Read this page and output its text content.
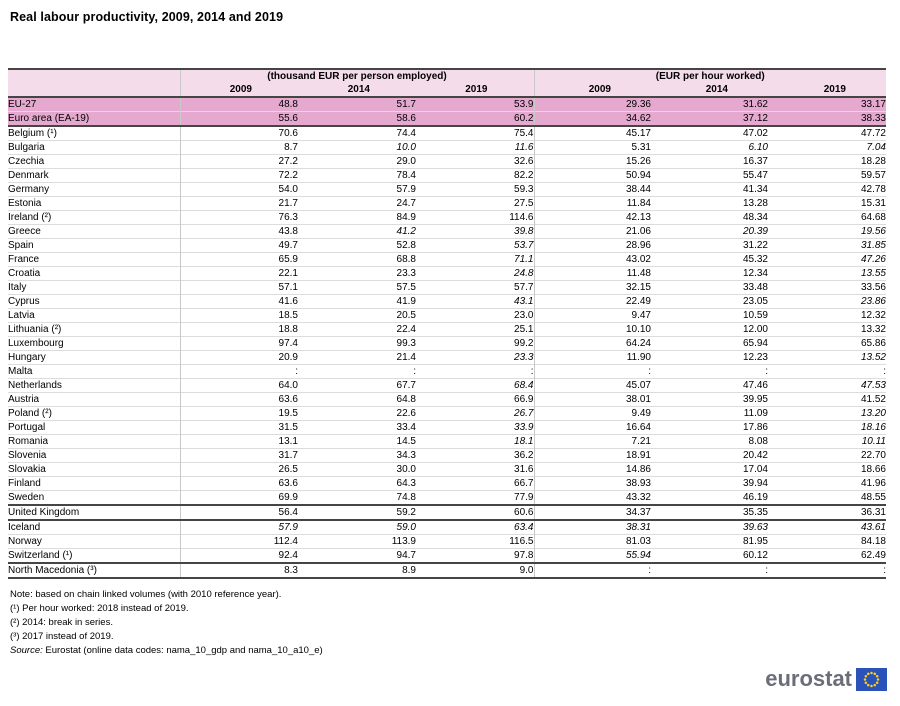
Real labour productivity, 2009, 2014 and 2019
	(thousand EUR per person employed)			(EUR per hour worked)		
	2009	2014	2019	2009	2014	2019
EU-27	48.8	51.7	53.9	29.36	31.62	33.17
Euro area (EA-19)	55.6	58.6	60.2	34.62	37.12	38.33
Belgium (¹)	70.6	74.4	75.4	45.17	47.02	47.72
Bulgaria	8.7	10.0	11.6	5.31	6.10	7.04
Czechia	27.2	29.0	32.6	15.26	16.37	18.28
Denmark	72.2	78.4	82.2	50.94	55.47	59.57
Germany	54.0	57.9	59.3	38.44	41.34	42.78
Estonia	21.7	24.7	27.5	11.84	13.28	15.31
Ireland (²)	76.3	84.9	114.6	42.13	48.34	64.68
Greece	43.8	41.2	39.8	21.06	20.39	19.56
Spain	49.7	52.8	53.7	28.96	31.22	31.85
France	65.9	68.8	71.1	43.02	45.32	47.26
Croatia	22.1	23.3	24.8	11.48	12.34	13.55
Italy	57.1	57.5	57.7	32.15	33.48	33.56
Cyprus	41.6	41.9	43.1	22.49	23.05	23.86
Latvia	18.5	20.5	23.0	9.47	10.59	12.32
Lithuania (²)	18.8	22.4	25.1	10.10	12.00	13.32
Luxembourg	97.4	99.3	99.2	64.24	65.94	65.86
Hungary	20.9	21.4	23.3	11.90	12.23	13.52
Malta	:	:	:	:	:	:
Netherlands	64.0	67.7	68.4	45.07	47.46	47.53
Austria	63.6	64.8	66.9	38.01	39.95	41.52
Poland (²)	19.5	22.6	26.7	9.49	11.09	13.20
Portugal	31.5	33.4	33.9	16.64	17.86	18.16
Romania	13.1	14.5	18.1	7.21	8.08	10.11
Slovenia	31.7	34.3	36.2	18.91	20.42	22.70
Slovakia	26.5	30.0	31.6	14.86	17.04	18.66
Finland	63.6	64.3	66.7	38.93	39.94	41.96
Sweden	69.9	74.8	77.9	43.32	46.19	48.55
United Kingdom	56.4	59.2	60.6	34.37	35.35	36.31
Iceland	57.9	59.0	63.4	38.31	39.63	43.61
Norway	112.4	113.9	116.5	81.03	81.95	84.18
Switzerland (¹)	92.4	94.7	97.8	55.94	60.12	62.49
North Macedonia (³)	8.3	8.9	9.0	:	:	:
Note: based on chain linked volumes (with 2010 reference year).
(¹) Per hour worked: 2018 instead of 2019.
(²) 2014: break in series.
(³) 2017 instead of 2019.
Source: Eurostat (online data codes: nama_10_gdp and nama_10_a10_e)
eurostat
